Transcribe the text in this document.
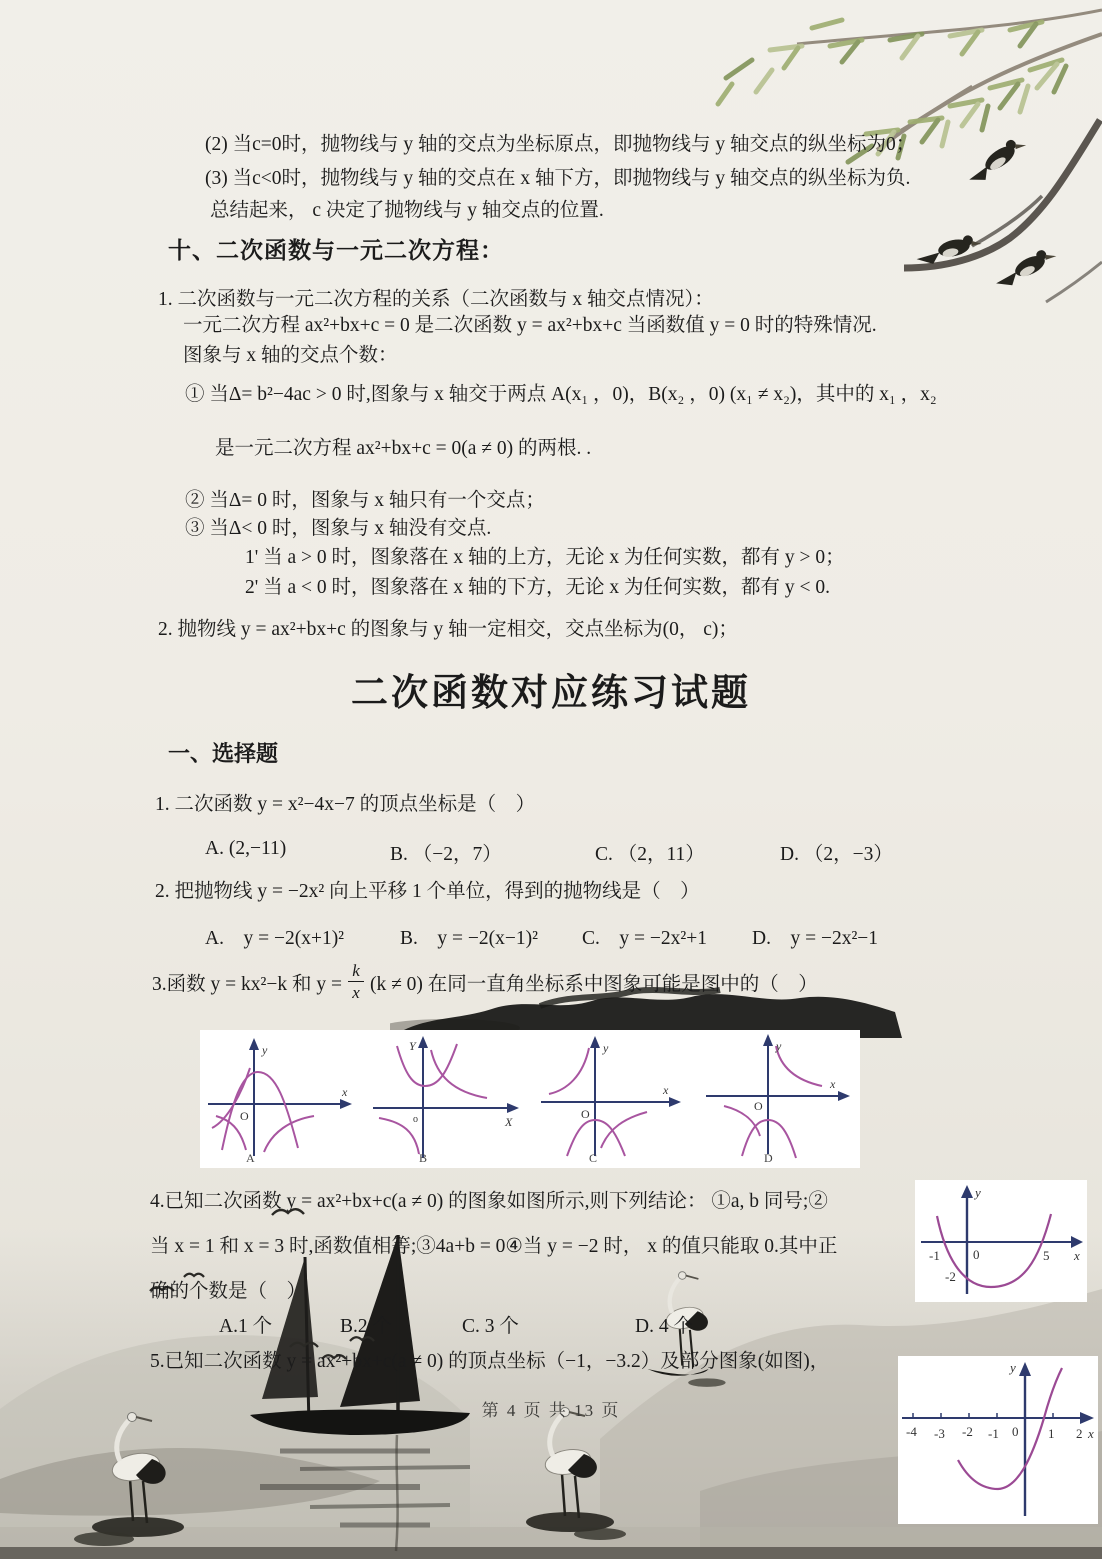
(2) 当c=0时，抛物线与 y 轴的交点为坐标原点，即抛物线与 y 轴交点的纵坐标为0；
(3) 当c<0时，抛物线与 y 轴的交点在 x 轴下方，即抛物线与 y 轴交点的纵坐标为负.
总结起来， c 决定了抛物线与 y 轴交点的位置.
十、二次函数与一元二次方程：
1. 二次函数与一元二次方程的关系（二次函数与 x 轴交点情况）：
一元二次方程 ax²+bx+c = 0 是二次函数 y = ax²+bx+c 当函数值 y = 0 时的特殊情况.
图象与 x 轴的交点个数：
① 当Δ= b²−4ac > 0 时,图象与 x 轴交于两点 A(x₁ ，0)，B(x₂ ，0) (x₁ ≠ x₂)，其中的 x₁ ，x₂
是一元二次方程 ax²+bx+c = 0(a ≠ 0) 的两根. .
② 当Δ= 0 时，图象与 x 轴只有一个交点；
③ 当Δ< 0 时，图象与 x 轴没有交点.
1' 当 a > 0 时，图象落在 x 轴的上方，无论 x 为任何实数，都有 y > 0；
2' 当 a < 0 时，图象落在 x 轴的下方，无论 x 为任何实数，都有 y < 0.
2. 抛物线 y = ax²+bx+c 的图象与 y 轴一定相交，交点坐标为(0， c)；
二次函数对应练习试题
一、选择题
1. 二次函数 y = x²−4x−7 的顶点坐标是（　）
A. (2,−11)	B. （−2，7）	C. （2，11）	D. （2，−3）
2. 把抛物线 y = −2x² 向上平移 1 个单位，得到的抛物线是（　）
A.　y = −2(x+1)²	B.　y = −2(x−1)² C.　y = −2x²+1 D.　y = −2x²−1
3.函数 y = kx²−k 和 $y = \frac{k}{x} (k \ne 0)$ 在同一直角坐标系中图象可能是图中的（　）
y
x
O
A
Y
X
o
B
y
x
O
C
y
x
O
D
4.已知二次函数 y = ax²+bx+c(a ≠ 0) 的图象如图所示,则下列结论： ①a, b 同号;②
当 x = 1 和 x = 3 时,函数值相等;③4a+b = 0④当 y = −2 时， x 的值只能取 0.其中正
确的个数是（　）
A.1 个	B.2 个	C. 3 个	D. 4 个
y
x
0
-1	5
-2
5.已知二次函数 y = ax²+bx+c(a ≠ 0) 的顶点坐标（−1，−3.2）及部分图象(如图)，
-4 -3 -2 -1 0 1 2 x
y
第 4 页 共 13 页
